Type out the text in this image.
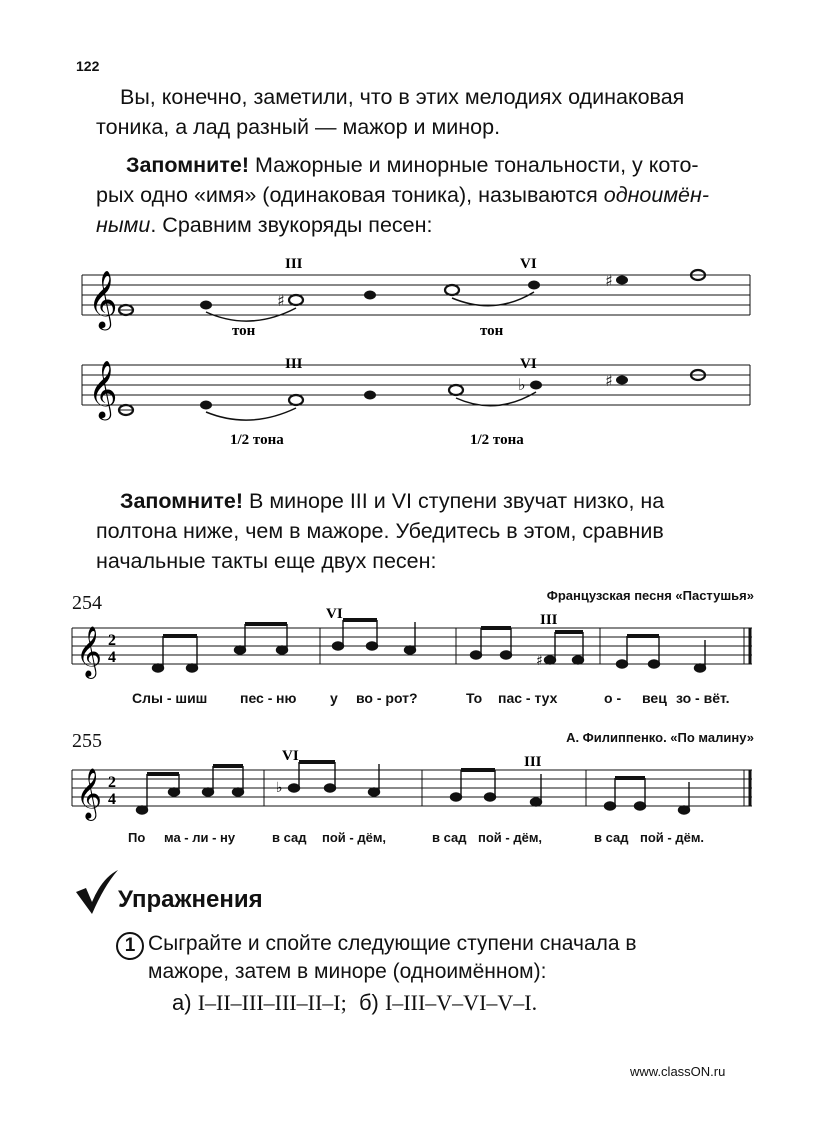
122
Вы, конечно, заметили, что в этих мелодиях одинаковая
тоника, а лад разный — мажор и минор.
Запомните! Мажорные и минорные тональности, у кото-
рых одно «имя» (одинаковая тоника), называются одноимён-
ными. Сравним звукоряды песен:
𝄞	♯
♯
III	VI
тон	тон
𝄞	♭	♯
III	VI
1/2 тона	1/2 тона
Запомните! В миноре III и VI ступени звучат низко, на
полтона ниже, чем в мажоре. Убедитесь в этом, сравнив
начальные такты еще двух песен:
254	Французская песня «Пастушья»
𝄞 2
4	♯
VI	III
Слы - шиш пес - ню у во - рот?	То пас - тух	о - вец зо - вёт.
255	А. Филиппенко. «По малину»
𝄞 2
4
♭
VI	III
По ма - ли - ну	в сад пой - дём,	в сад пой - дём,	в сад пой - дём.
Упражнения
1 Сыграйте и спойте следующие ступени сначала в
мажоре, затем в миноре (одноимённом):
а) I–II–III–III–II–I;  б) I–III–V–VI–V–I.
www.classON.ru
